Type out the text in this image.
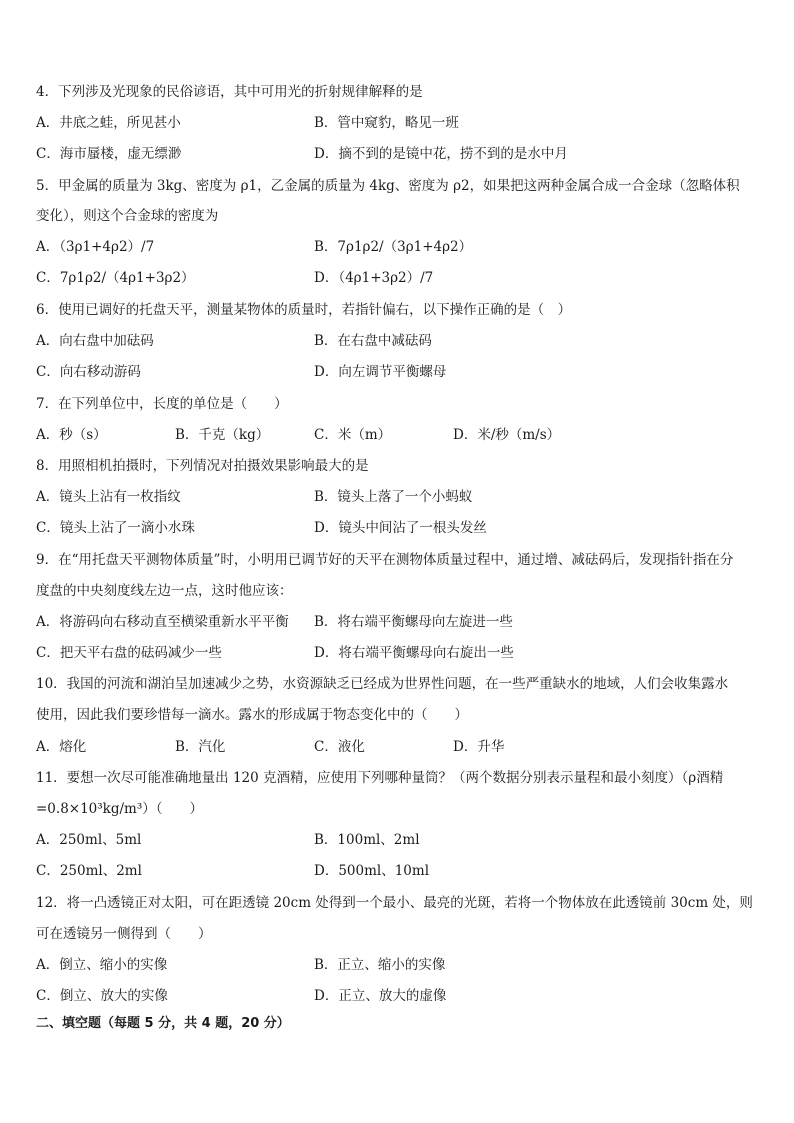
4．下列涉及光现象的民俗谚语，其中可用光的折射规律解释的是
A．井底之蛙，所见甚小	B．管中窥豹，略见一班
C．海市蜃楼，虚无缥渺	D．摘不到的是镜中花，捞不到的是水中月
5．甲金属的质量为 3kg、密度为 ρ1，乙金属的质量为 4kg、密度为 ρ2，如果把这两种金属合成一合金球（忽略体积
变化），则这个合金球的密度为
A．（3ρ1+4ρ2）/7	B．7ρ1ρ2/（3ρ1+4ρ2）
C．7ρ1ρ2/（4ρ1+3ρ2）	D．（4ρ1+3ρ2）/7
6．使用已调好的托盘天平，测量某物体的质量时，若指针偏右，以下操作正确的是（　）
A．向右盘中加砝码	B．在右盘中减砝码
C．向右移动游码	D．向左调节平衡螺母
7．在下列单位中，长度的单位是（　　）
A．秒（s）	B．千克（kg）	C．米（m）	D．米/秒（m/s）
8．用照相机拍摄时，下列情况对拍摄效果影响最大的是
A．镜头上沾有一枚指纹	B．镜头上落了一个小蚂蚁
C．镜头上沾了一滴小水珠	D．镜头中间沾了一根头发丝
9．在“用托盘天平测物体质量”时，小明用已调节好的天平在测物体质量过程中，通过增、减砝码后，发现指针指在分
度盘的中央刻度线左边一点，这时他应该：
A．将游码向右移动直至横梁重新水平平衡 B．将右端平衡螺母向左旋进一些
C．把天平右盘的砝码减少一些	D．将右端平衡螺母向右旋出一些
10．我国的河流和湖泊呈加速减少之势，水资源缺乏已经成为世界性问题，在一些严重缺水的地域，人们会收集露水
使用，因此我们要珍惜每一滴水。露水的形成属于物态变化中的（　　）
A．熔化	B．汽化	C．液化	D．升华
11．要想一次尽可能准确地量出 120 克酒精，应使用下列哪种量筒？（两个数据分别表示量程和最小刻度）（ρ酒精
=0.8×10³kg/m³）（　　）
A．250ml、5ml	B．100ml、2ml
C．250ml、2ml	D．500ml、10ml
12．将一凸透镜正对太阳，可在距透镜 20cm 处得到一个最小、最亮的光斑，若将一个物体放在此透镜前 30cm 处，则
可在透镜另一侧得到（　　）
A．倒立、缩小的实像	B．正立、缩小的实像
C．倒立、放大的实像	D．正立、放大的虚像
二、填空题（每题 5 分，共 4 题，20 分）
